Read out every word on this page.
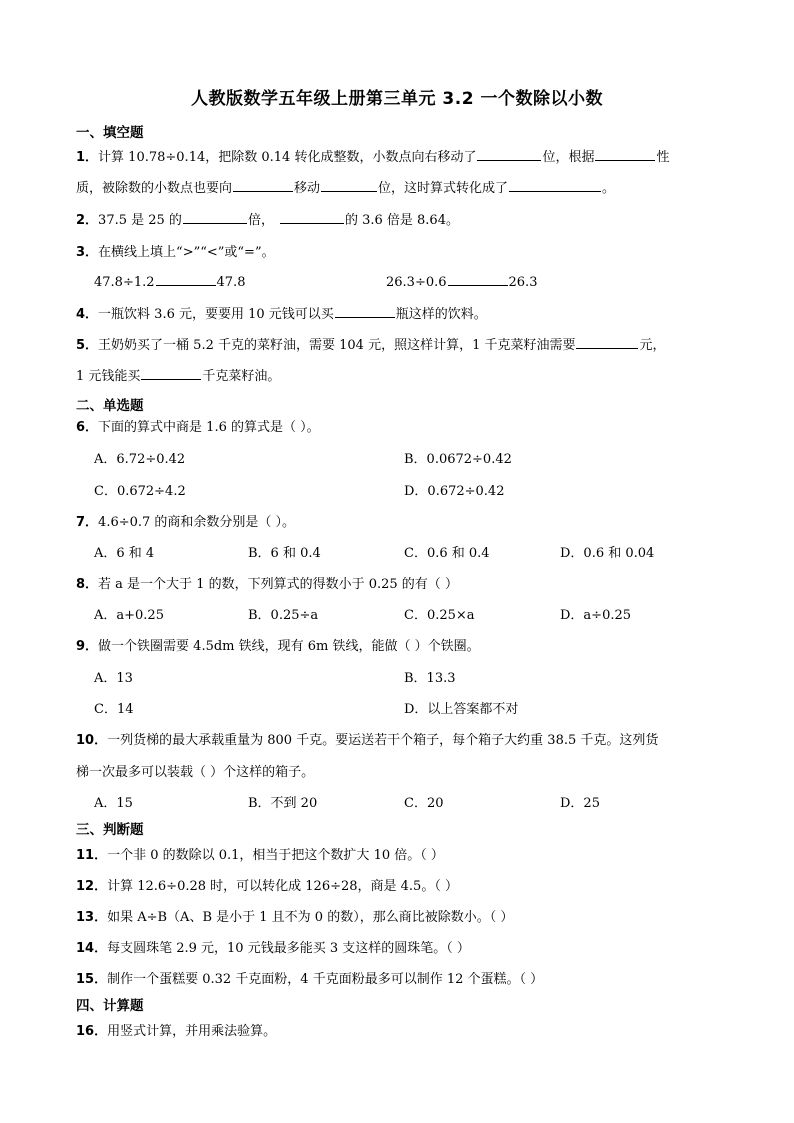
人教版数学五年级上册第三单元 3.2 一个数除以小数
一、填空题
1．计算 10.78÷0.14，把除数 0.14 转化成整数，小数点向右移动了	位，根据	性
质，被除数的小数点也要向	移动	位，这时算式转化成了	。
2．37.5 是 25 的	倍，	的 3.6 倍是 8.64。
3．在横线上填上“>”“<”或“=”。
47.8÷1.2	47.8	26.3÷0.6	26.3
4．一瓶饮料 3.6 元，要要用 10 元钱可以买	瓶这样的饮料。
5．王奶奶买了一桶 5.2 千克的菜籽油，需要 104 元，照这样计算，1 千克菜籽油需要	元，
1 元钱能买	千克菜籽油。
二、单选题
6．下面的算式中商是 1.6 的算式是（ ）。
A．6.72÷0.42	B．0.0672÷0.42
C．0.672÷4.2	D．0.672÷0.42
7．4.6÷0.7 的商和余数分别是（ ）。
A．6 和 4	B．6 和 0.4	C．0.6 和 0.4	D．0.6 和 0.04
8．若 a 是一个大于 1 的数，下列算式的得数小于 0.25 的有（ ）
A．a+0.25	B．0.25÷a	C．0.25×a	D．a÷0.25
9．做一个铁圈需要 4.5dm 铁线，现有 6m 铁线，能做（ ）个铁圈。
A．13	B．13.3
C．14	D．以上答案都不对
10．一列货梯的最大承载重量为 800 千克。要运送若干个箱子，每个箱子大约重 38.5 千克。这列货
梯一次最多可以装载（ ）个这样的箱子。
A．15	B．不到 20	C．20	D．25
三、判断题
11．一个非 0 的数除以 0.1，相当于把这个数扩大 10 倍。（ ）
12．计算 12.6÷0.28 时，可以转化成 126÷28，商是 4.5。（ ）
13．如果 A÷B（A、B 是小于 1 且不为 0 的数），那么商比被除数小。（ ）
14．每支圆珠笔 2.9 元，10 元钱最多能买 3 支这样的圆珠笔。（ ）
15．制作一个蛋糕要 0.32 千克面粉，4 千克面粉最多可以制作 12 个蛋糕。（ ）
四、计算题
16．用竖式计算，并用乘法验算。
